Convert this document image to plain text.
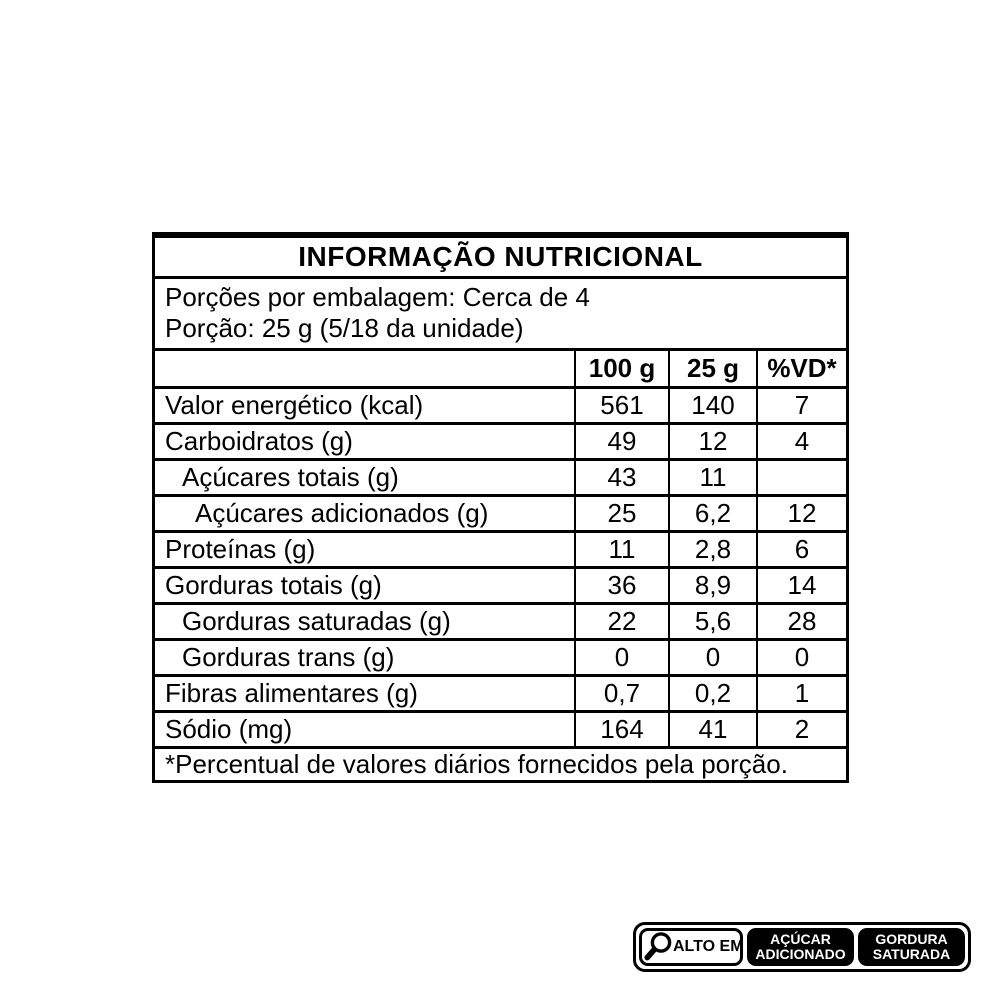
INFORMAÇÃO NUTRICIONAL
Porções por embalagem: Cerca de 4
Porção: 25 g (5/18 da unidade)
100 g	25 g	%VD*
Valor energético (kcal)	561	140	7
Carboidratos (g)	49	12	4
Açúcares totais (g)	43	11
Açúcares adicionados (g)	25	6,2	12
Proteínas (g)	11	2,8	6
Gorduras totais (g)	36	8,9	14
Gorduras saturadas (g)	22	5,6	28
Gorduras trans (g)	0	0	0
Fibras alimentares (g)	0,7	0,2	1
Sódio (mg)	164	41	2
*Percentual de valores diários fornecidos pela porção.
ALTO EM AÇÚCAR
ADICIONADO
GORDURA
SATURADA
